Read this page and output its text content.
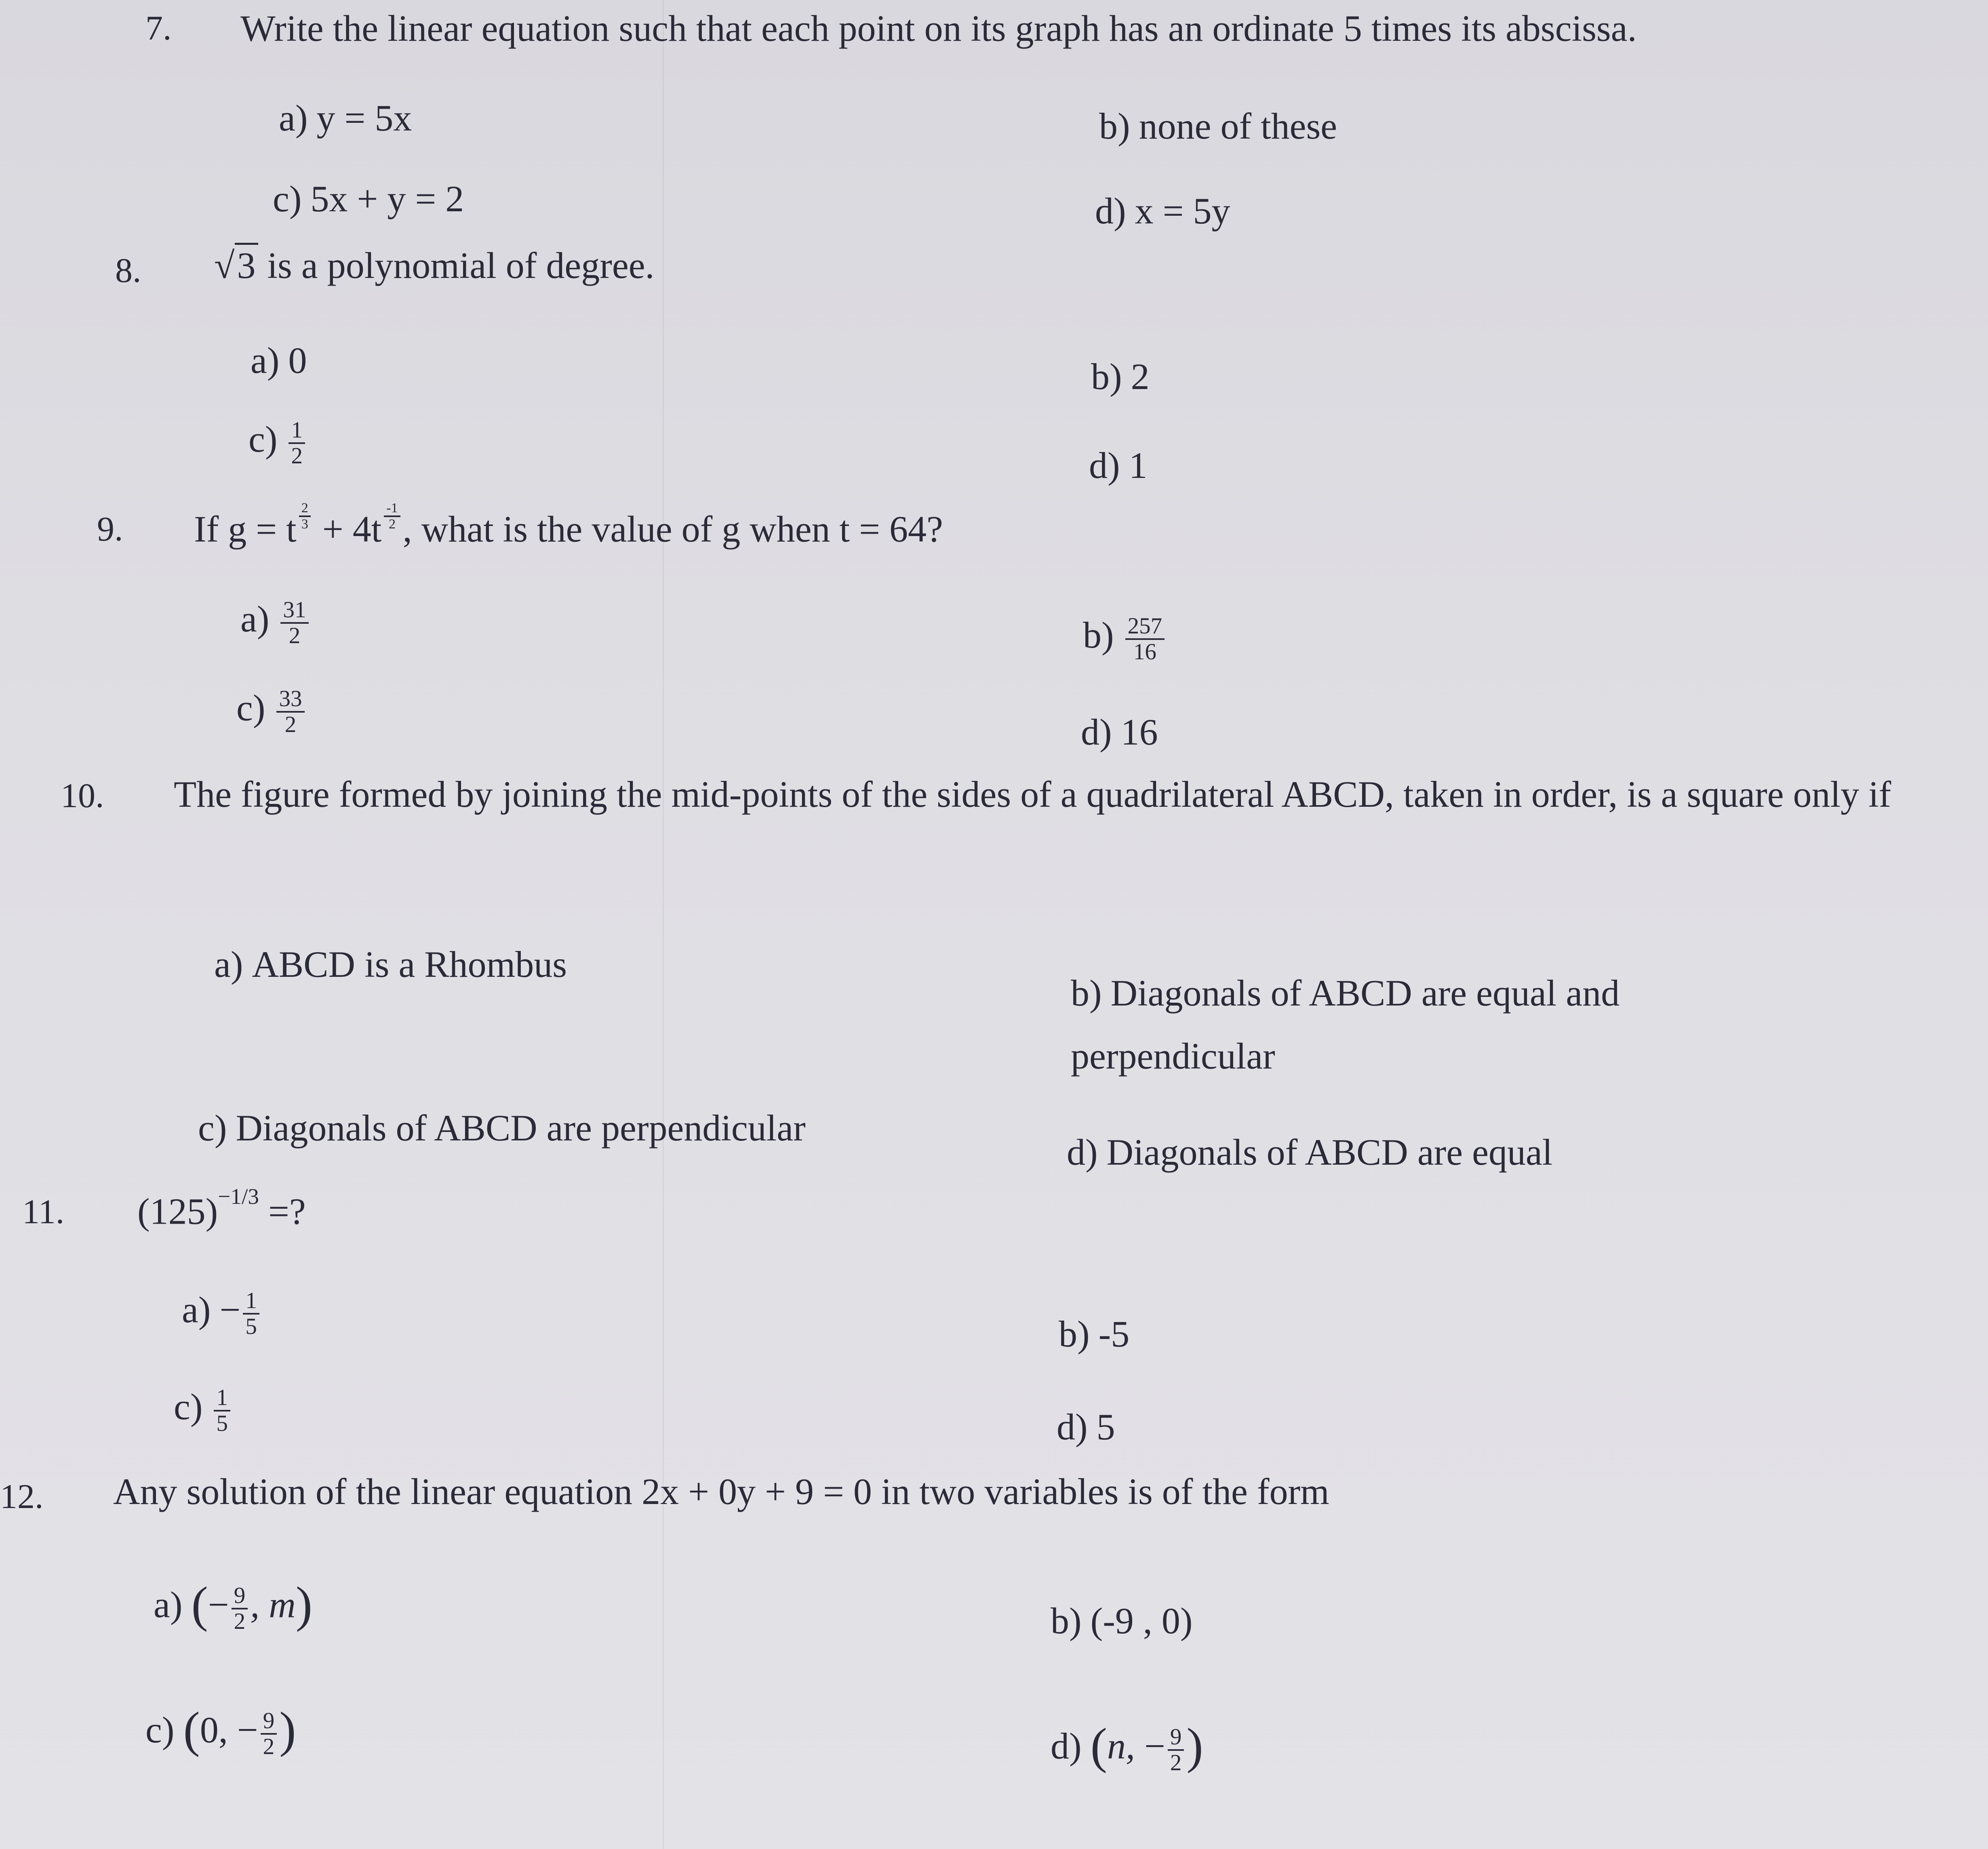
7. Write the linear equation such that each point on its graph has an ordinate 5 times its abscissa.
a) y = 5x	b) none of these
c) 5x + y = 2	d) x = 5y
8. √3 is a polynomial of degree.
a) 0	b) 2
$c) \frac{1}{2}$	d) 1
9. If g = t $^{\frac{2}{3}}$ + 4t $^{\frac{-1}{2}}$ , what is the value of g when t = 64?
$a) \frac{31}{2}$	$b) \frac{257}{16}$
$c) \frac{33}{2}$	d) 16
10. The figure formed by joining the mid-points of the sides of a quadrilateral ABCD, taken in order, is a square only if
a) ABCD is a Rhombus
b) Diagonals of ABCD are equal and perpendicular
c) Diagonals of ABCD are perpendicular
d) Diagonals of ABCD are equal
11. $(125)^{-1/3}$ =?
$a) - \frac{1}{5}$	b) -5
$c) \frac{1}{5}$	d) 5
12. Any solution of the linear equation 2x + 0y + 9 = 0 in two variables is of the form
a) (− $\frac{9}{2}$ , m)	b) (-9 , 0)
c) (0, − $\frac{9}{2}$ )	d) (n, − $\frac{9}{2}$ )
